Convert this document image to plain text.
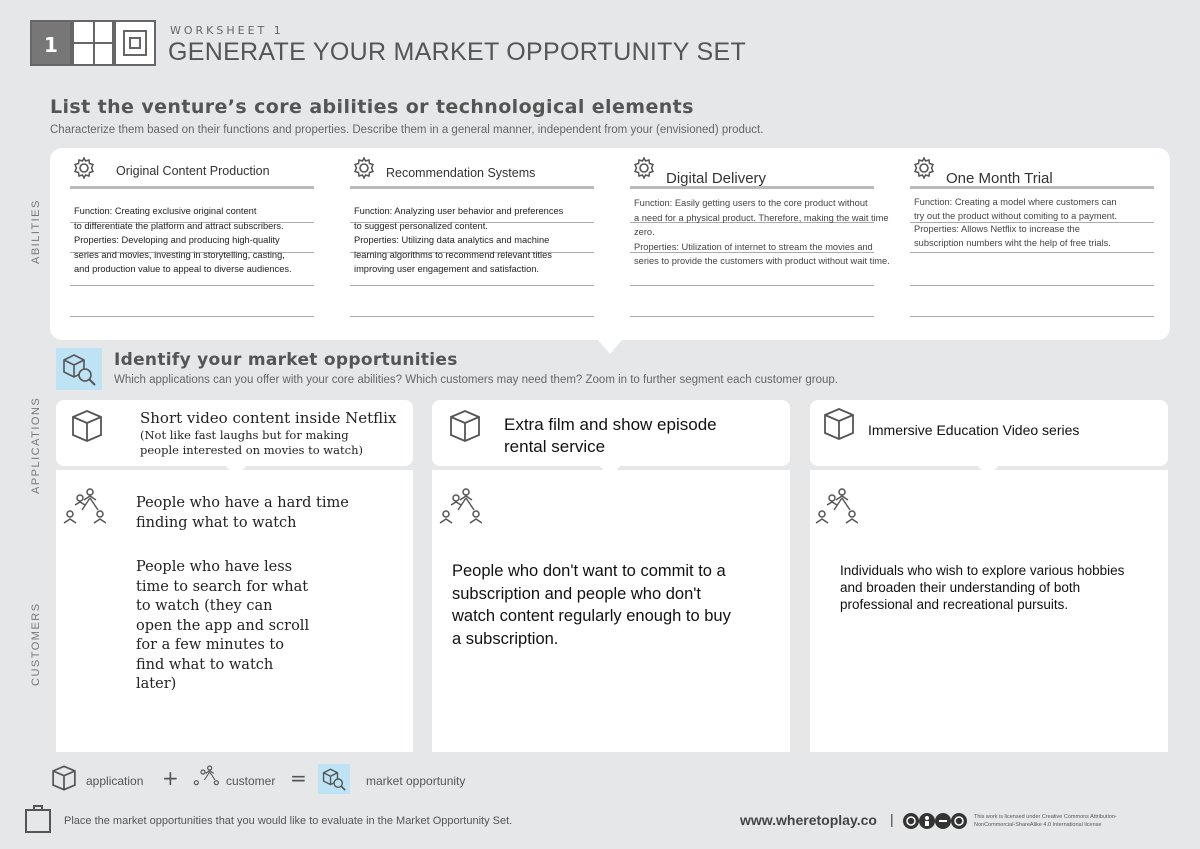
1
WORKSHEET 1
GENERATE YOUR MARKET OPPORTUNITY SET
List the venture’s core abilities or technological elements
Characterize them based on their functions and properties. Describe them in a general manner, independent from your (envisioned) product.
ABILITIES
Original Content Production
Function: Creating exclusive original content
to differentiate the platform and attract subscribers.
Properties: Developing and producing high-quality
series and movies, investing in storytelling, casting,
and production value to appeal to diverse audiences.
Recommendation Systems
Function: Analyzing user behavior and preferences
to suggest personalized content.
Properties: Utilizing data analytics and machine
learning algorithms to recommend relevant titles
improving user engagement and satisfaction.
Digital Delivery
Function: Easily getting users to the core product without
a need for a physical product. Therefore, making the wait time
zero.
Properties: Utilization of internet to stream the movies and
series to provide the customers with product without wait time.
One Month Trial
Function: Creating a model where customers can
try out the product without comiting to a payment.
Properties: Allows Netflix to increase the
subscription numbers wiht the help of free trials.
Identify your market opportunities
Which applications can you offer with your core abilities? Which customers may need them? Zoom in to further segment each customer group.
APPLICATIONS
CUSTOMERS
Short video content inside Netflix
(Not like fast laughs but for making
people interested on movies to watch)
People who have a hard time
finding what to watch
People who have less
time to search for what
to watch (they can
open the app and scroll
for a few minutes to
find what to watch
later)
Extra film and show episode
rental service
People who don't want to commit to a
subscription and people who don't
watch content regularly enough to buy
a subscription.
Immersive Education Video series
Individuals who wish to explore various hobbies
and broaden their understanding of both
professional and recreational pursuits.
application +	customer =	market opportunity
Place the market opportunities that you would like to evaluate in the Market Opportunity Set.	www.wheretoplay.co |	This work is licensed under Creative Commons Attribution-
NonCommercial-ShareAlike 4.0 International license
